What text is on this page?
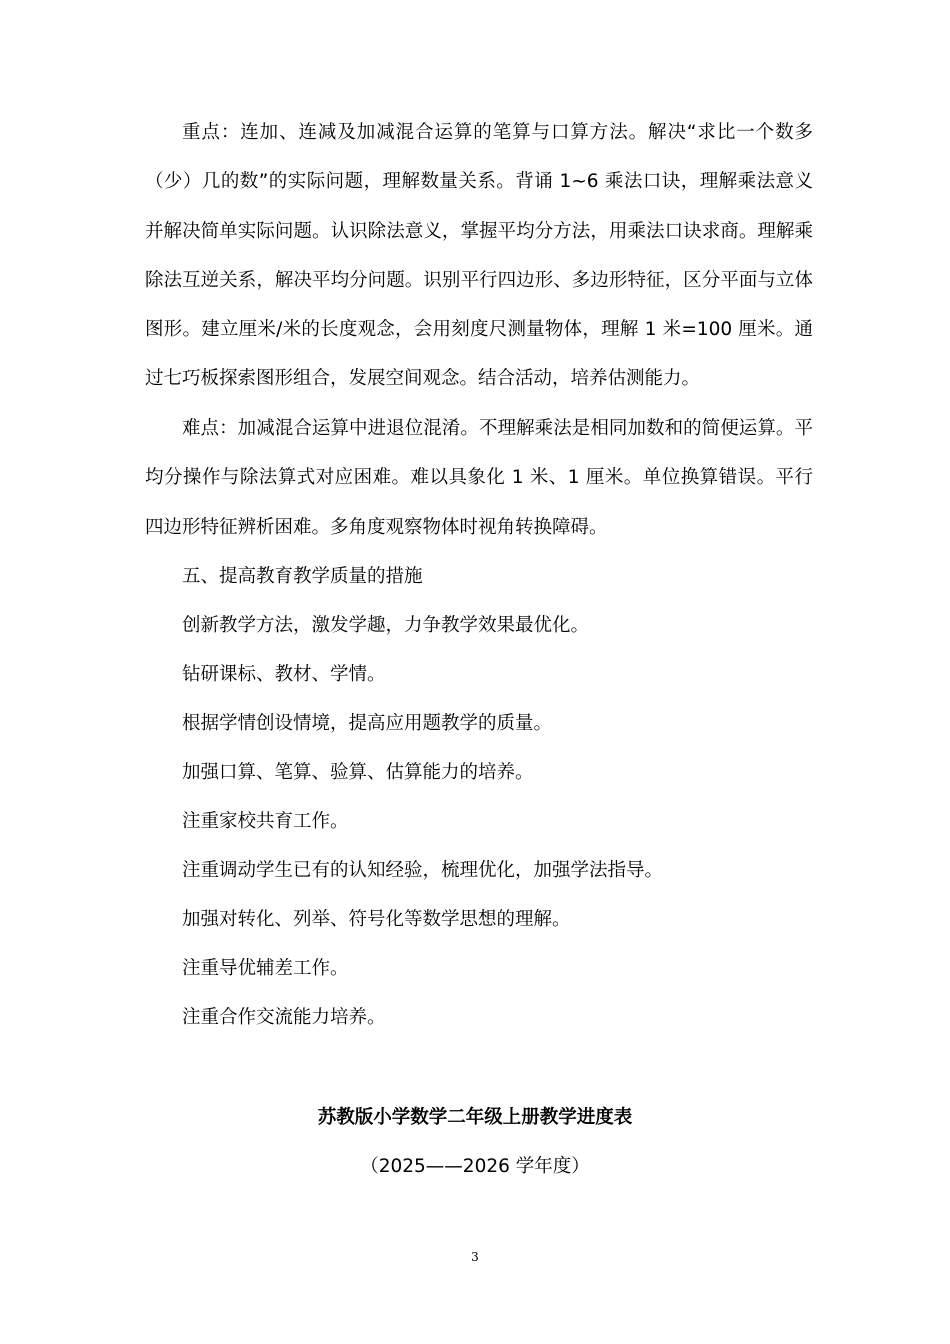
重点：连加、连减及加减混合运算的笔算与口算方法。解决“求比一个数多（少）几的数”的实际问题，理解数量关系。背诵 1~6 乘法口诀，理解乘法意义并解决简单实际问题。认识除法意义，掌握平均分方法，用乘法口诀求商。理解乘除法互逆关系，解决平均分问题。识别平行四边形、多边形特征，区分平面与立体图形。建立厘米/米的长度观念，会用刻度尺测量物体，理解 1 米=100 厘米。通过七巧板探索图形组合，发展空间观念。结合活动，培养估测能力。

难点：加减混合运算中进退位混淆。不理解乘法是相同加数和的简便运算。平均分操作与除法算式对应困难。难以具象化 1 米、1 厘米。单位换算错误。平行四边形特征辨析困难。多角度观察物体时视角转换障碍。

五、提高教育教学质量的措施

创新教学方法，激发学趣，力争教学效果最优化。

钻研课标、教材、学情。

根据学情创设情境，提高应用题教学的质量。

加强口算、笔算、验算、估算能力的培养。

注重家校共育工作。

注重调动学生已有的认知经验，梳理优化，加强学法指导。

加强对转化、列举、符号化等数学思想的理解。

注重导优辅差工作。

注重合作交流能力培养。

苏教版小学数学二年级上册教学进度表

（2025——2026 学年度）

3
